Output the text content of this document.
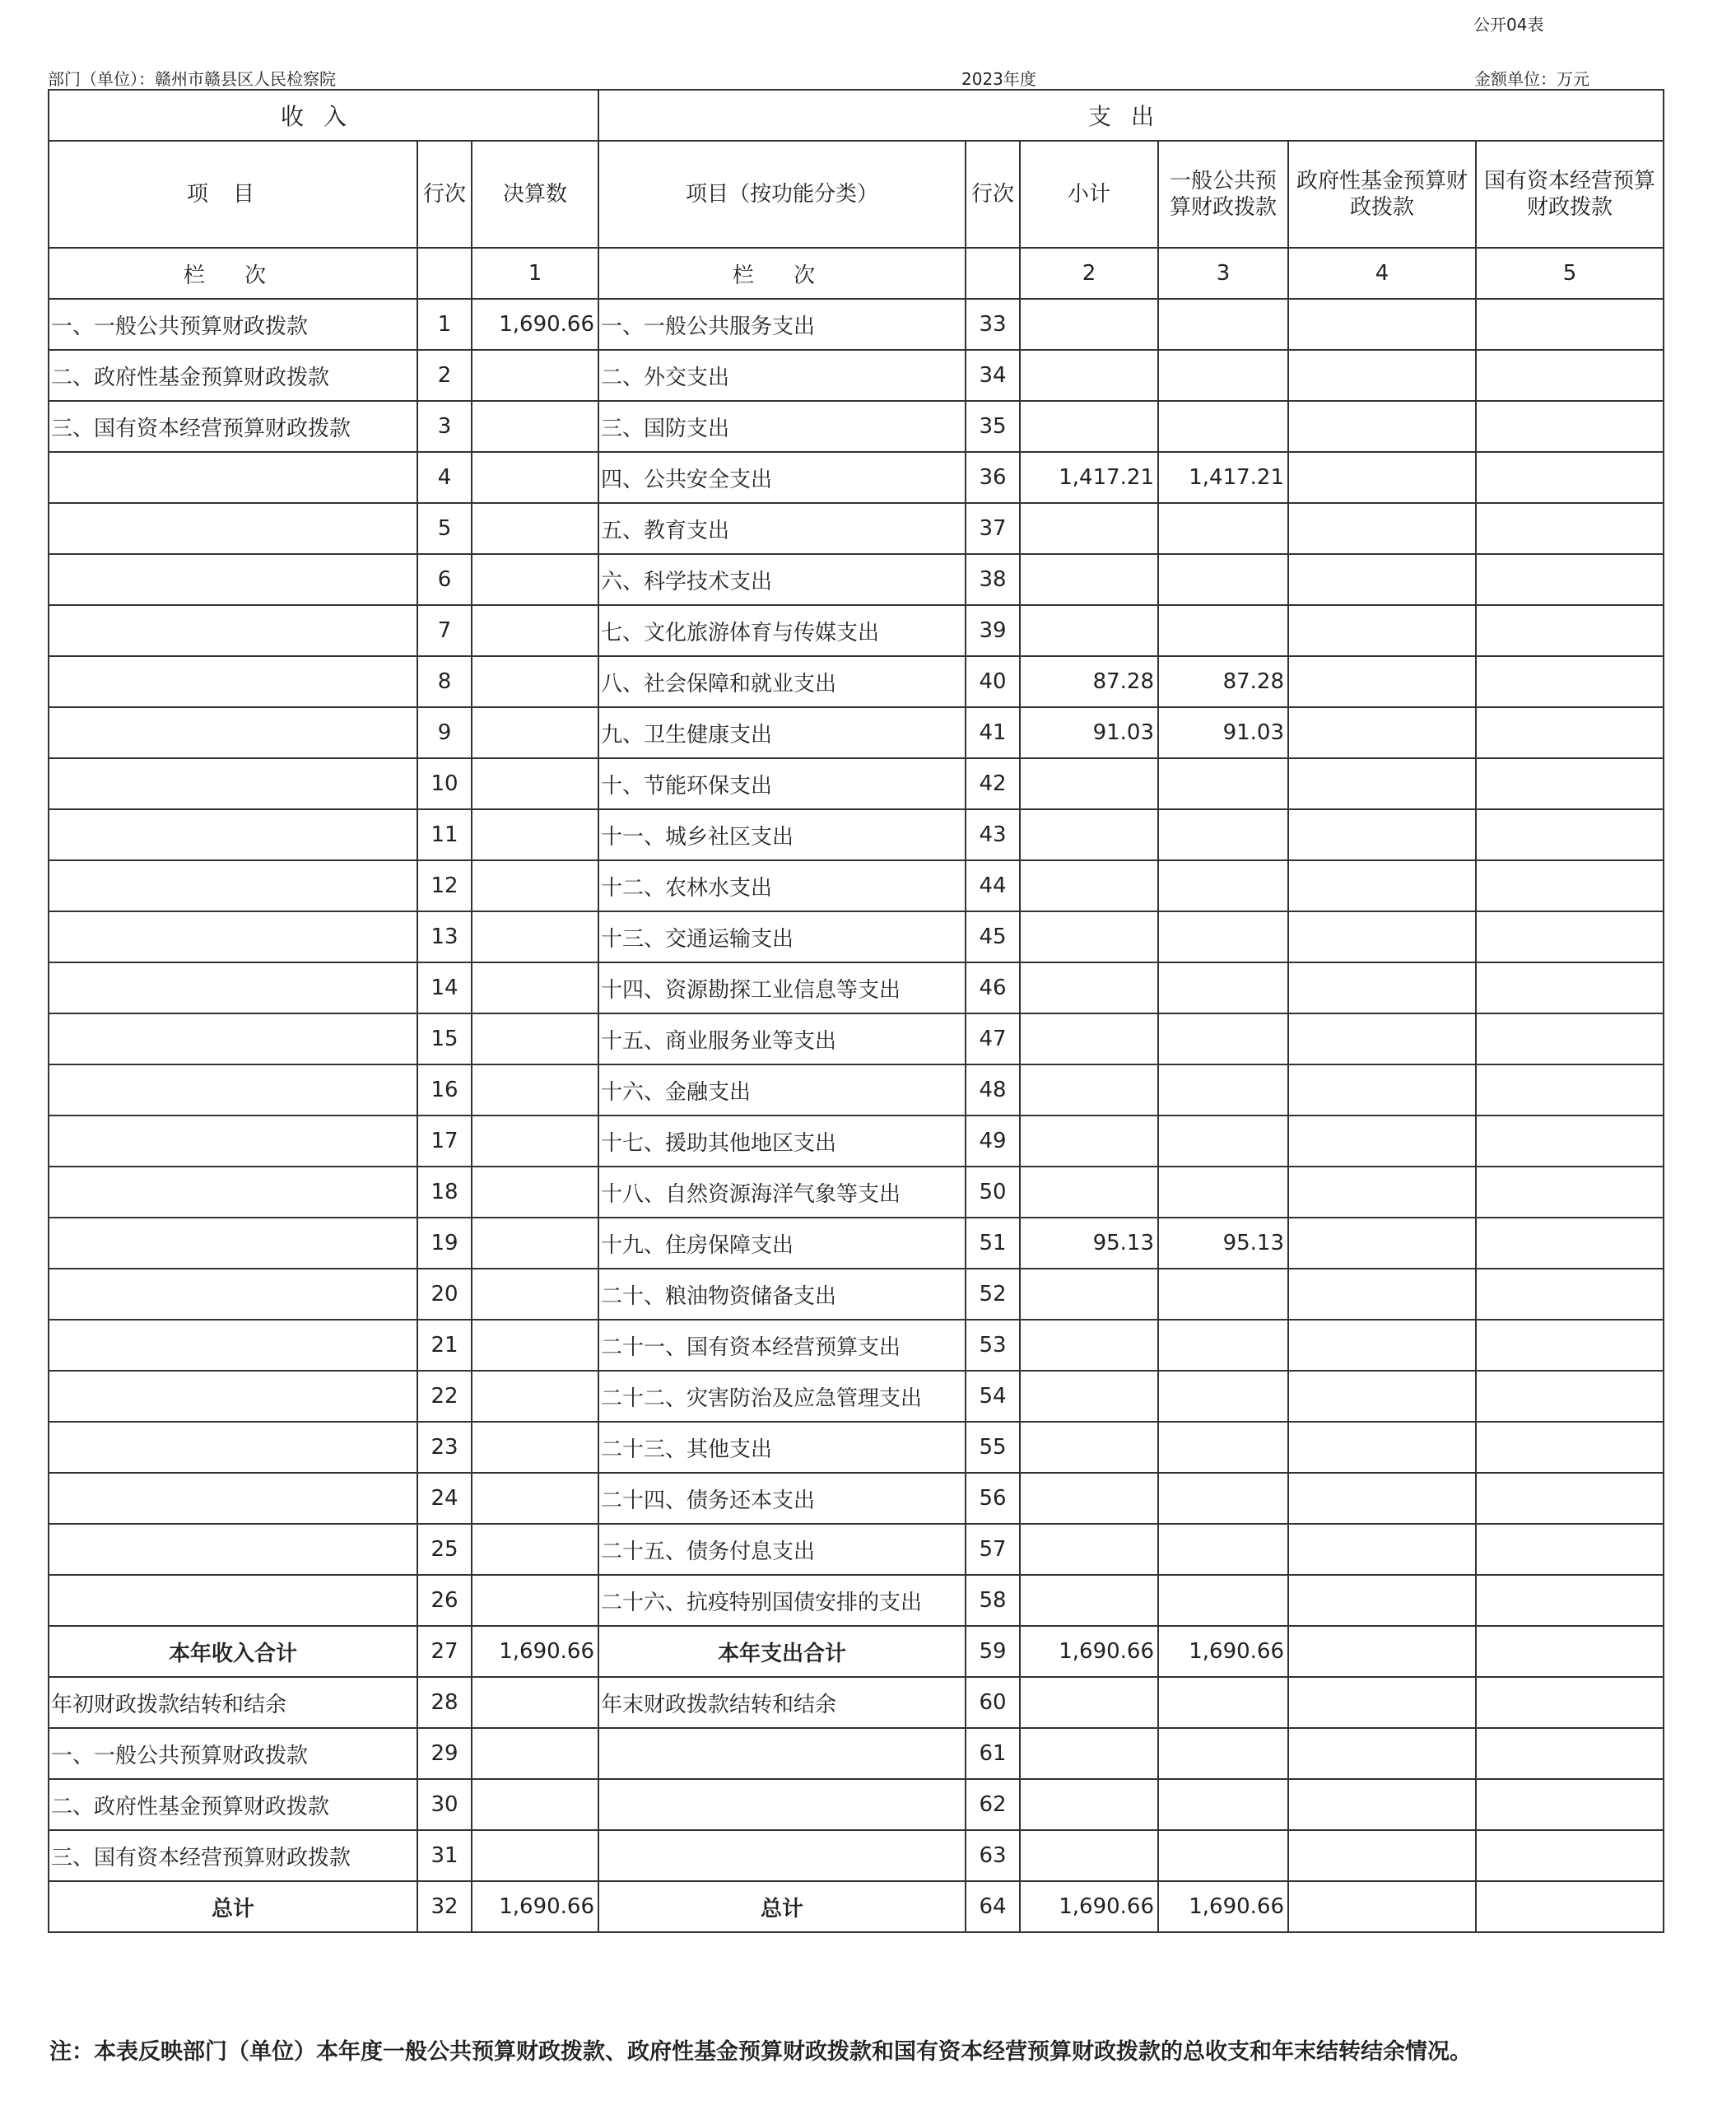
公开04表
部门（单位）：赣州市赣县区人民检察院	2023年度	金额单位：万元
收入			支出					
项目	行次	决算数	项目（按功能分类）	行次	小计	一般公共预算财政拨款	政府性基金预算财政拨款	国有资本经营预算财政拨款
栏 次		1	栏 次		2	3	4	5
一、一般公共预算财政拨款	1	1,690.66	一、一般公共服务支出	33				
二、政府性基金预算财政拨款	2		二、外交支出	34				
三、国有资本经营预算财政拨款	3		三、国防支出	35				
	4		四、公共安全支出	36	1,417.21	1,417.21		
	5		五、教育支出	37				
	6		六、科学技术支出	38				
	7		七、文化旅游体育与传媒支出	39				
	8		八、社会保障和就业支出	40	87.28	87.28		
	9		九、卫生健康支出	41	91.03	91.03		
	10		十、节能环保支出	42				
	11		十一、城乡社区支出	43				
	12		十二、农林水支出	44				
	13		十三、交通运输支出	45				
	14		十四、资源勘探工业信息等支出	46				
	15		十五、商业服务业等支出	47				
	16		十六、金融支出	48				
	17		十七、援助其他地区支出	49				
	18		十八、自然资源海洋气象等支出	50				
	19		十九、住房保障支出	51	95.13	95.13		
	20		二十、粮油物资储备支出	52				
	21		二十一、国有资本经营预算支出	53				
	22		二十二、灾害防治及应急管理支出	54				
	23		二十三、其他支出	55				
	24		二十四、债务还本支出	56				
	25		二十五、债务付息支出	57				
	26		二十六、抗疫特别国债安排的支出	58				
本年收入合计	27	1,690.66	本年支出合计	59	1,690.66	1,690.66		
年初财政拨款结转和结余	28		年末财政拨款结转和结余	60				
一、一般公共预算财政拨款	29			61				
二、政府性基金预算财政拨款	30			62				
三、国有资本经营预算财政拨款	31			63				
总计	32	1,690.66	总计	64	1,690.66	1,690.66		
注：本表反映部门（单位）本年度一般公共预算财政拨款、政府性基金预算财政拨款和国有资本经营预算财政拨款的总收支和年末结转结余情况。
